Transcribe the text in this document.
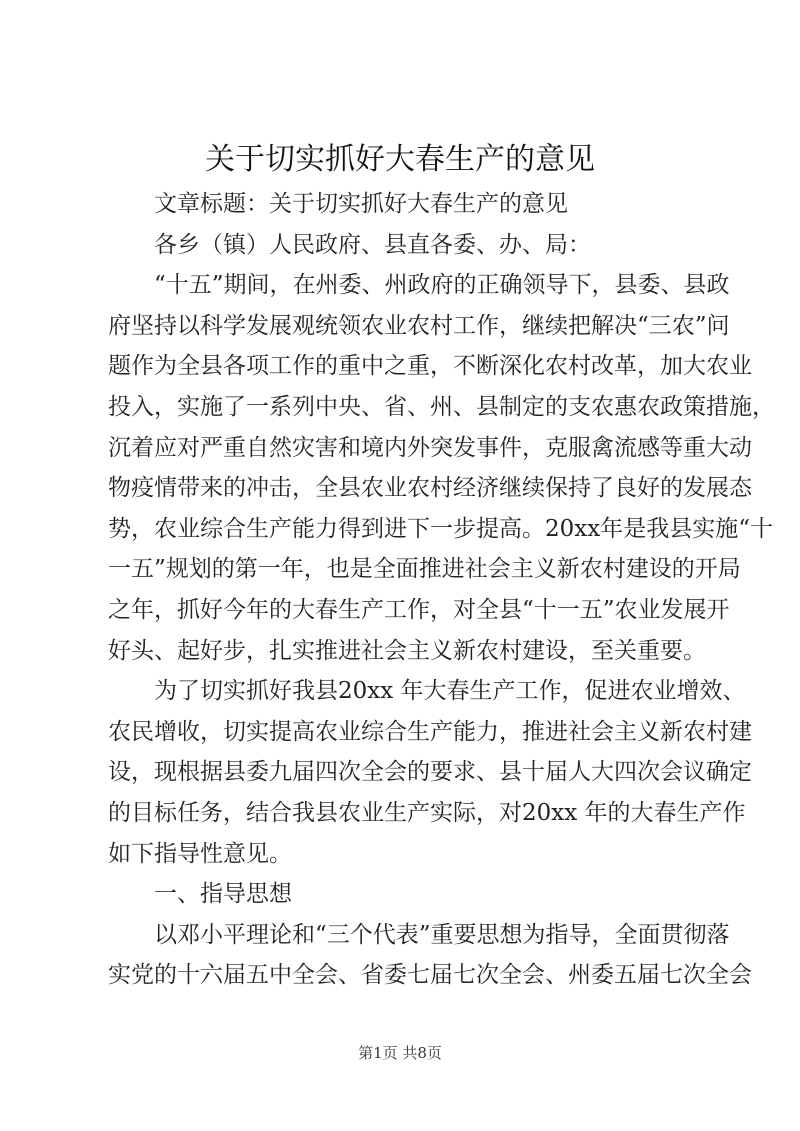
关于切实抓好大春生产的意见
文章标题：关于切实抓好大春生产的意见
各乡（镇）人民政府、县直各委、办、局：
“十五”期间，在州委、州政府的正确领导下，县委、县政
府坚持以科学发展观统领农业农村工作，继续把解决“三农”问
题作为全县各项工作的重中之重，不断深化农村改革，加大农业
投入，实施了一系列中央、省、州、县制定的支农惠农政策措施，
沉着应对严重自然灾害和境内外突发事件，克服禽流感等重大动
物疫情带来的冲击，全县农业农村经济继续保持了良好的发展态
势，农业综合生产能力得到进下一步提高。20xx年是我县实施“十
一五”规划的第一年，也是全面推进社会主义新农村建设的开局
之年，抓好今年的大春生产工作，对全县“十一五”农业发展开
好头、起好步，扎实推进社会主义新农村建设，至关重要。
为了切实抓好我县20xx 年大春生产工作，促进农业增效、
农民增收，切实提高农业综合生产能力，推进社会主义新农村建
设，现根据县委九届四次全会的要求、县十届人大四次会议确定
的目标任务，结合我县农业生产实际，对20xx 年的大春生产作
如下指导性意见。
一、指导思想
以邓小平理论和“三个代表”重要思想为指导，全面贯彻落
实党的十六届五中全会、省委七届七次全会、州委五届七次全会
第1页 共8页
